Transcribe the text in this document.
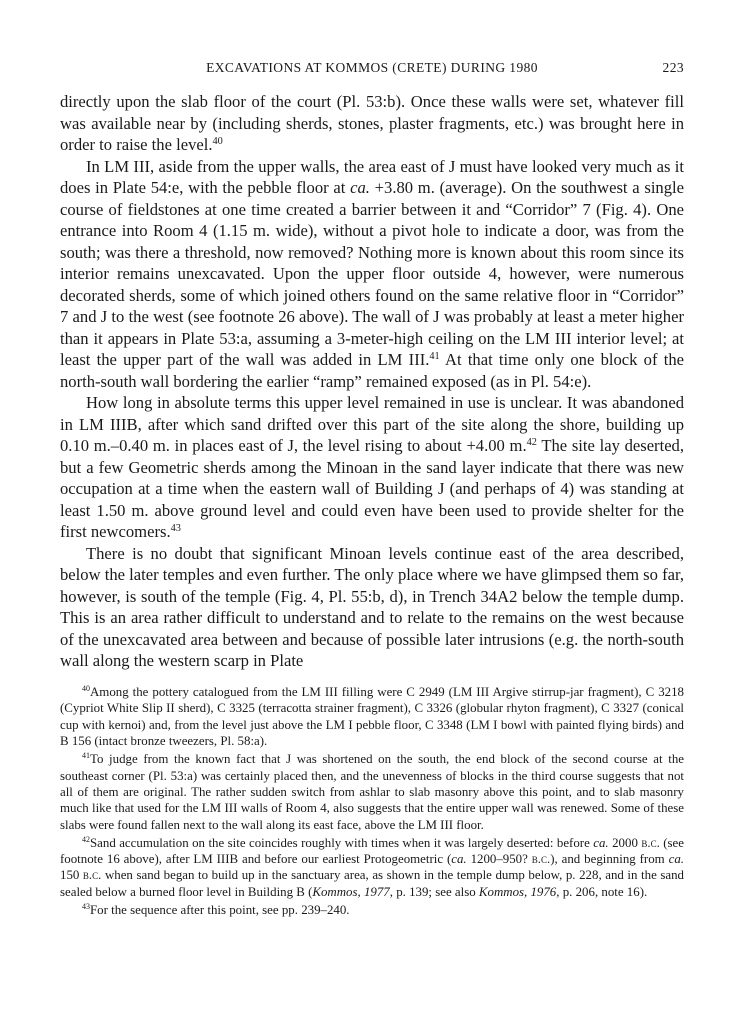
EXCAVATIONS AT KOMMOS (CRETE) DURING 1980	223

directly upon the slab floor of the court (Pl. 53:b). Once these walls were set, whatever fill was available near by (including sherds, stones, plaster fragments, etc.) was brought here in order to raise the level.$^{40}$

In LM III, aside from the upper walls, the area east of J must have looked very much as it does in Plate 54:e, with the pebble floor at ca. +3.80 m. (average). On the southwest a single course of fieldstones at one time created a barrier between it and “Corridor” 7 (Fig. 4). One entrance into Room 4 (1.15 m. wide), without a pivot hole to indicate a door, was from the south; was there a threshold, now removed? Nothing more is known about this room since its interior remains unexcavated. Upon the upper floor outside 4, however, were numerous decorated sherds, some of which joined others found on the same relative floor in “Corridor” 7 and J to the west (see footnote 26 above). The wall of J was probably at least a meter higher than it appears in Plate 53:a, assuming a 3-meter-high ceiling on the LM III interior level; at least the upper part of the wall was added in LM III.$^{41}$ At that time only one block of the north-south wall bordering the earlier “ramp” remained exposed (as in Pl. 54:e).

How long in absolute terms this upper level remained in use is unclear. It was abandoned in LM IIIB, after which sand drifted over this part of the site along the shore, building up 0.10 m.–0.40 m. in places east of J, the level rising to about +4.00 m.$^{42}$ The site lay deserted, but a few Geometric sherds among the Minoan in the sand layer indicate that there was new occupation at a time when the eastern wall of Building J (and perhaps of 4) was standing at least 1.50 m. above ground level and could even have been used to provide shelter for the first newcomers.$^{43}$

There is no doubt that significant Minoan levels continue east of the area described, below the later temples and even further. The only place where we have glimpsed them so far, however, is south of the temple (Fig. 4, Pl. 55:b, d), in Trench 34A2 below the temple dump. This is an area rather difficult to understand and to relate to the remains on the west because of the unexcavated area between and because of possible later intrusions (e.g. the north-south wall along the western scarp in Plate

$^{40}$Among the pottery catalogued from the LM III filling were C 2949 (LM III Argive stirrup-jar fragment), C 3218 (Cypriot White Slip II sherd), C 3325 (terracotta strainer fragment), C 3326 (globular rhyton fragment), C 3327 (conical cup with kernoi) and, from the level just above the LM I pebble floor, C 3348 (LM I bowl with painted flying birds) and B 156 (intact bronze tweezers, Pl. 58:a).

$^{41}$To judge from the known fact that J was shortened on the south, the end block of the second course at the southeast corner (Pl. 53:a) was certainly placed then, and the unevenness of blocks in the third course suggests that not all of them are original. The rather sudden switch from ashlar to slab masonry above this point, and to slab masonry much like that used for the LM III walls of Room 4, also suggests that the entire upper wall was renewed. Some of these slabs were found fallen next to the wall along its east face, above the LM III floor.

$^{42}$Sand accumulation on the site coincides roughly with times when it was largely deserted: before ca. 2000 b.c. (see footnote 16 above), after LM IIIB and before our earliest Protogeometric (ca. 1200–950? b.c.), and beginning from ca. 150 b.c. when sand began to build up in the sanctuary area, as shown in the temple dump below, p. 228, and in the sand sealed below a burned floor level in Building B (Kommos, 1977, p. 139; see also Kommos, 1976, p. 206, note 16).

$^{43}$For the sequence after this point, see pp. 239–240.
